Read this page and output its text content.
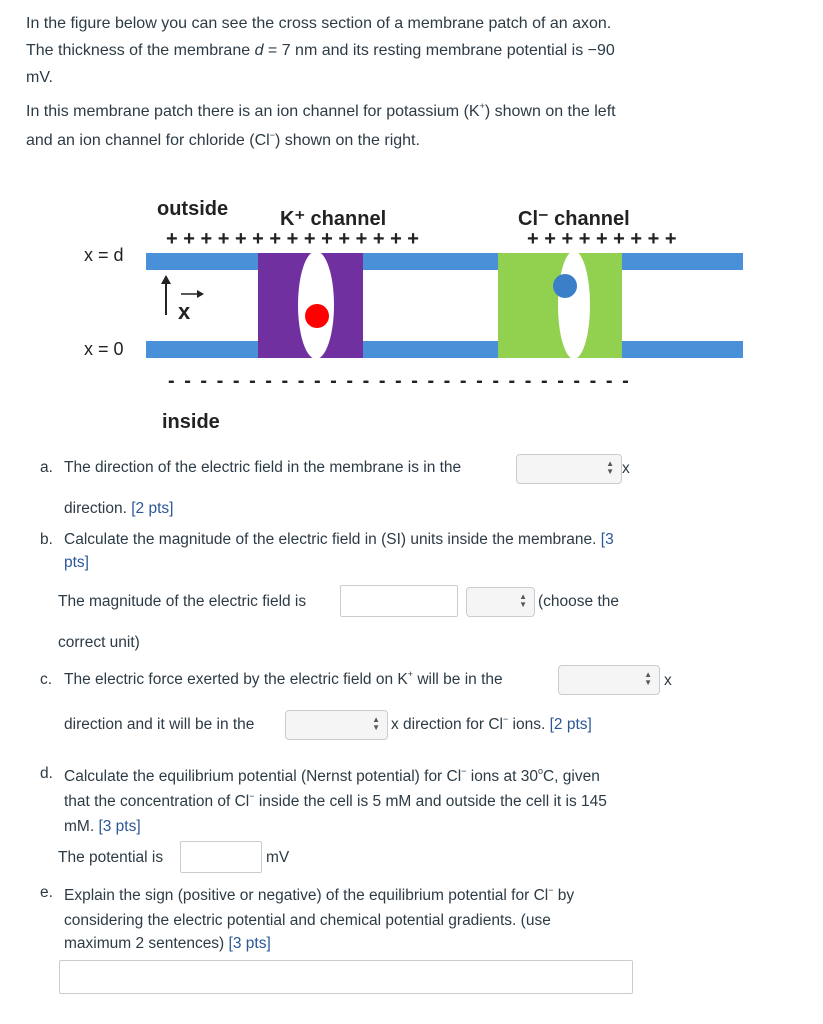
In the figure below you can see the cross section of a membrane patch of an axon.
The thickness of the membrane d = 7 nm and its resting membrane potential is −90
mV.
In this membrane patch there is an ion channel for potassium (K+) shown on the left
and an ion channel for chloride (Cl−) shown on the right.
outside	K⁺ channel	Cl⁻ channel
+ + + + + + + + + + + + + + +	+ + + + + + + + +
x = d
x = 0
x
- - - - - - - - - - - - - - - - - - - - - - - - - - - - -
inside
a. The direction of the electric field in the membrane is in the	▲
▼ x
direction. [2 pts]
b. Calculate the magnitude of the electric field in (SI) units inside the membrane. [3
pts]
The magnitude of the electric field is	▲
▼ (choose the
correct unit)
c. The electric force exerted by the electric field on K+ will be in the	▲
▼ x
direction and it will be in the	▲
▼ x direction for Cl− ions. [2 pts]
d. Calculate the equilibrium potential (Nernst potential) for Cl− ions at 30$^o$C, given
that the concentration of Cl− inside the cell is 5 mM and outside the cell it is 145
mM. [3 pts]
The potential is	mV
e. Explain the sign (positive or negative) of the equilibrium potential for Cl− by
considering the electric potential and chemical potential gradients. (use
maximum 2 sentences) [3 pts]
